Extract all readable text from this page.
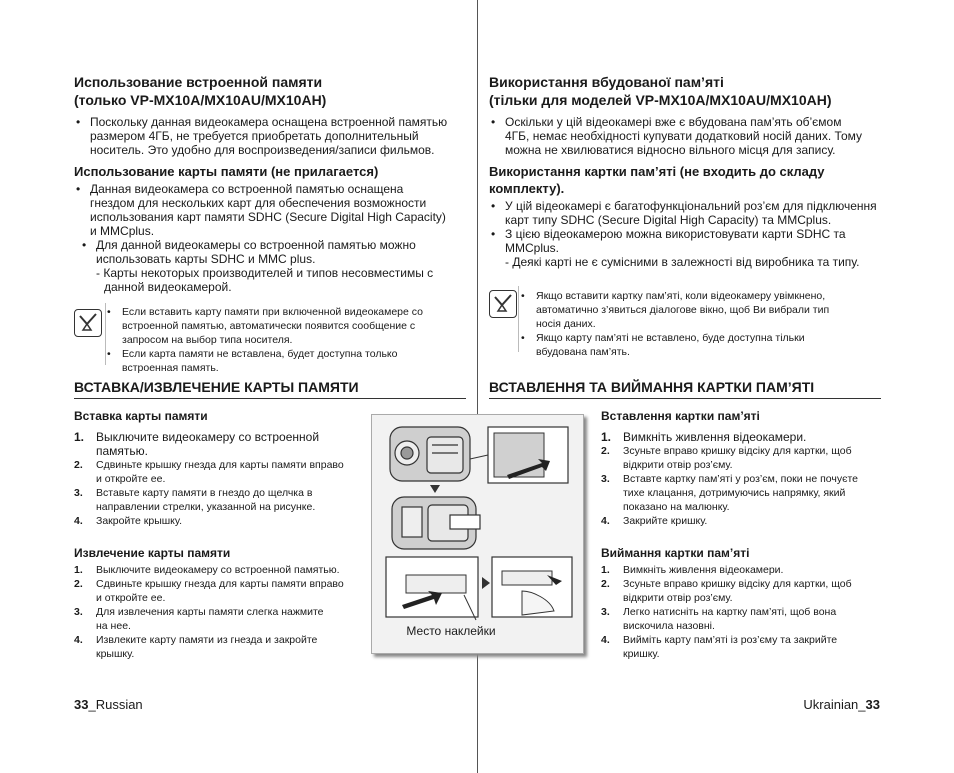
Использование встроенной памяти

(только VP-MX10A/MX10AU/MX10AH)

• Поскольку данная видеокамера оснащена встроенной памятью
размером 4ГБ, не требуется приобретать дополнительный
носитель. Это удобно для воспроизведения/записи фильмов.

Использование карты памяти (не прилагается)

• Данная видеокамера со встроенной памятью оснащена
гнездом для нескольких карт для обеспечения возможности
использования карт памяти SDHC (Secure Digital High Capacity)
и MMCplus.
• Для данной видеокамеры со встроенной памятью можно
использовать карты SDHC и MMC plus.
- Карты некоторых производителей и типов несовместимы с
данной видеокамерой.
• Если вставить карту памяти при включенной видеокамере со
встроенной памятью, автоматически появится сообщение с
запросом на выбор типа носителя.
• Если карта памяти не вставлена, будет доступна только
встроенная память.
ВСТАВКА/ИЗВЛЕЧЕНИЕ КАРТЫ ПАМЯТИ

Вставка карты памяти

1. Выключите видеокамеру со встроенной
памятью.
2. Сдвиньте крышку гнезда для карты памяти вправо
и откройте ее.
3. Вставьте карту памяти в гнездо до щелчка в
направлении стрелки, указанной на рисунке.
4. Закройте крышку.

Извлечение карты памяти

1. Выключите видеокамеру со встроенной памятью.
2. Сдвиньте крышку гнезда для карты памяти вправо
и откройте ее.
3. Для извлечения карты памяти слегка нажмите
на нее.
4. Извлеките карту памяти из гнезда и закройте
крышку.
33_Russian
Место наклейки

Використання вбудованої пам’яті

(тільки для моделей VP-MX10A/MX10AU/MX10AH)

• Оскільки у цій відеокамері вже є вбудована пам’ять об’ємом
4ГБ, немає необхідності купувати додатковий носій даних. Тому
можна не хвилюватися відносно вільного місця для запису.

Використання картки пам’яті (не входить до складу

комплекту).

• У цій відеокамері є багатофункціональний роз’єм для підключення
карт типу SDHC (Secure Digital High Capacity) та MMCplus.
• З цією відеокамерою можна використовувати карти SDHC та
MMCplus.
- Деякі карті не є сумісними в залежності від виробника та типу.
• Якщо вставити картку пам’яті, коли відеокамеру увімкнено,
автоматично з’явиться діалогове вікно, щоб Ви вибрали тип
носія даних.
• Якщо карту пам’яті не вставлено, буде доступна тільки
вбудована пам’ять.
ВСТАВЛЕННЯ ТА ВИЙМАННЯ КАРТКИ ПАМ’ЯТІ

Вставлення картки пам’яті

1. Вимкніть живлення відеокамери.
2. Зсуньте вправо кришку відсіку для картки, щоб
відкрити отвір роз’єму.
3. Вставте картку пам’яті у роз’єм, поки не почуєте
тихе клацання, дотримуючись напрямку, який
показано на малюнку.
4. Закрийте кришку.

Виймання картки пам’яті

1. Вимкніть живлення відеокамери.
2. Зсуньте вправо кришку відсіку для картки, щоб
відкрити отвір роз’єму.
3. Легко натисніть на картку пам’яті, щоб вона
вискочила назовні.
4. Вийміть карту пам’яті із роз’єму та закрийте
кришку.
Ukrainian_33
